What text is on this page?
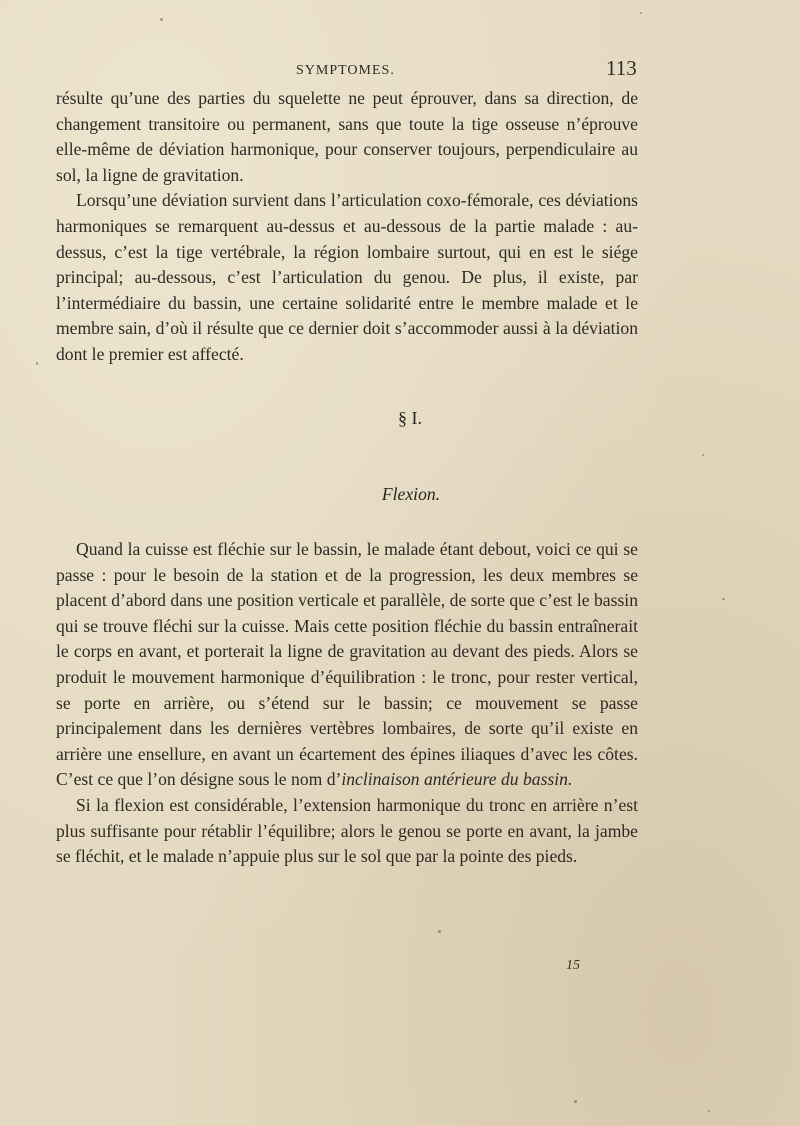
SYMPTOMES.	113

résulte qu’une des parties du squelette ne peut éprouver, dans sa direction, de changement transitoire ou permanent, sans que toute la tige osseuse n’éprouve elle-même de déviation harmonique, pour conserver toujours, perpendiculaire au sol, la ligne de gravitation.

Lorsqu’une déviation survient dans l’articulation coxo-fémorale, ces déviations harmoniques se remarquent au-dessus et au-dessous de la partie malade : au-dessus, c’est la tige vertébrale, la région lombaire surtout, qui en est le siége principal; au-dessous, c’est l’articulation du genou. De plus, il existe, par l’intermédiaire du bassin, une certaine solidarité entre le membre malade et le membre sain, d’où il résulte que ce dernier doit s’accommoder aussi à la déviation dont le premier est affecté.

§ I.
Flexion.

Quand la cuisse est fléchie sur le bassin, le malade étant debout, voici ce qui se passe : pour le besoin de la station et de la progression, les deux membres se placent d’abord dans une position verticale et parallèle, de sorte que c’est le bassin qui se trouve fléchi sur la cuisse. Mais cette position fléchie du bassin entraînerait le corps en avant, et porterait la ligne de gravitation au devant des pieds. Alors se produit le mouvement harmonique d’équilibration : le tronc, pour rester vertical, se porte en arrière, ou s’étend sur le bassin; ce mouvement se passe principalement dans les dernières vertèbres lombaires, de sorte qu’il existe en arrière une ensellure, en avant un écartement des épines iliaques d’avec les côtes. C’est ce que l’on désigne sous le nom d’inclinaison antérieure du bassin.

Si la flexion est considérable, l’extension harmonique du tronc en arrière n’est plus suffisante pour rétablir l’équilibre; alors le genou se porte en avant, la jambe se fléchit, et le malade n’appuie plus sur le sol que par la pointe des pieds.

15
